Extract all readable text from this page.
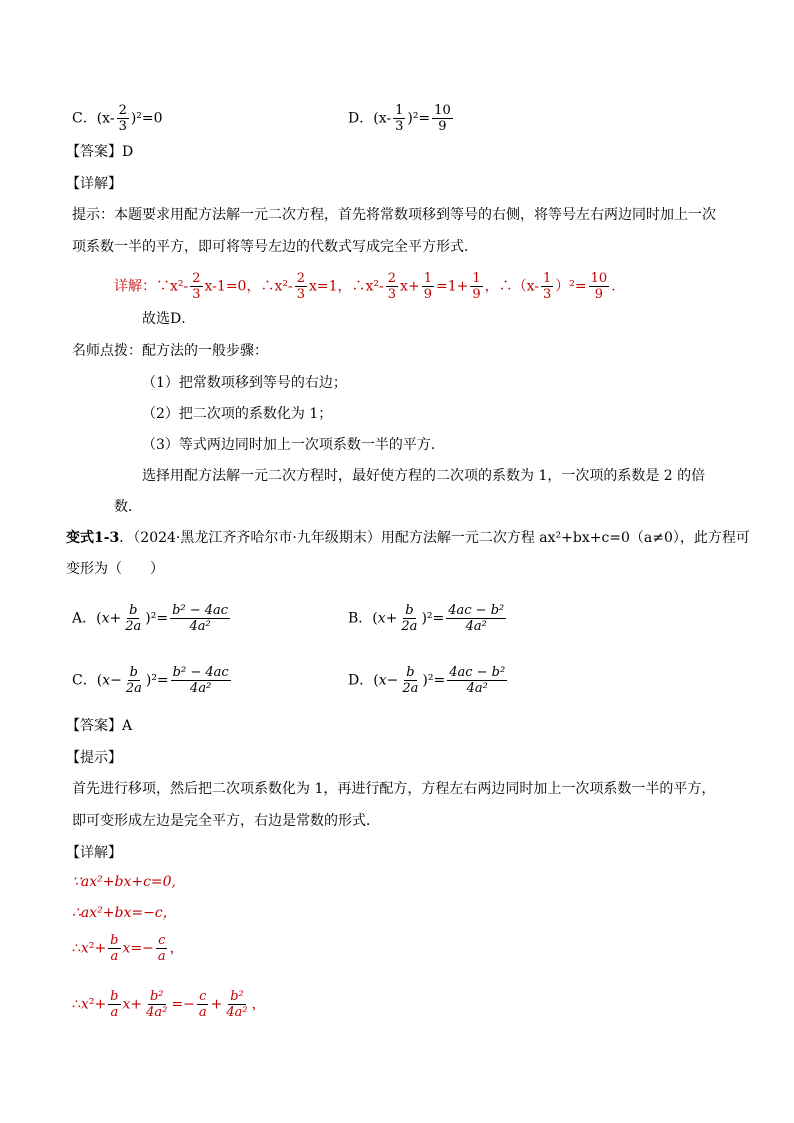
C．$(x- \frac{2}{3} )^2=0$	D．$(x- \frac{1}{3} )^2= \frac{10}{9}$
【答案】D
【详解】
提示：本题要求用配方法解一元二次方程，首先将常数项移到等号的右侧，将等号左右两边同时加上一次
项系数一半的平方，即可将等号左边的代数式写成完全平方形式．
详解：∵x²- $\frac{2}{3} x-1=0$，∴x²- $\frac{2}{3} x=1$，∴x²- $\frac{2}{3} x+ \frac{1}{9} =1+ \frac{1}{9}$ ，∴（x- $\frac{1}{3} )^2= \frac{10}{9}$ ．
故选D．
名师点拨：配方法的一般步骤：
（1）把常数项移到等号的右边；
（2）把二次项的系数化为 1；
（3）等式两边同时加上一次项系数一半的平方．
选择用配方法解一元二次方程时，最好使方程的二次项的系数为 1，一次项的系数是 2 的倍
数．
变式1-3．（2024·黑龙江齐齐哈尔市·九年级期末）用配方法解一元二次方程 ax²+bx+c=0（a≠0），此方程可
变形为（　　）
A．$(x+ \frac{b}{2a} )^2= \frac{\text{b² − 4ac}}{\text{4a²}}$	B．$(x+ \frac{b}{2a} )^2= \frac{\text{4ac − b²}}{\text{4a²}}$
C．$(x- \frac{b}{2a} )^2= \frac{\text{b² − 4ac}}{\text{4a²}}$	D．$(x- \frac{b}{2a} )^2= \frac{\text{4ac − b²}}{\text{4a²}}$
【答案】A
【提示】
首先进行移项，然后把二次项系数化为 1，再进行配方，方程左右两边同时加上一次项系数一半的平方，
即可变形成左边是完全平方，右边是常数的形式．
【详解】
∵ax²+bx+c=0,
∴ax²+bx=−c，
∴x²+ $\frac{b}{a} x=- \frac{c}{a}$ ，
∴x²+ $\frac{b}{a} x+ \frac{\text{b²}}{\text{4a²}} =- \frac{c}{a} + \frac{\text{b²}}{\text{4a²}}$ ，
